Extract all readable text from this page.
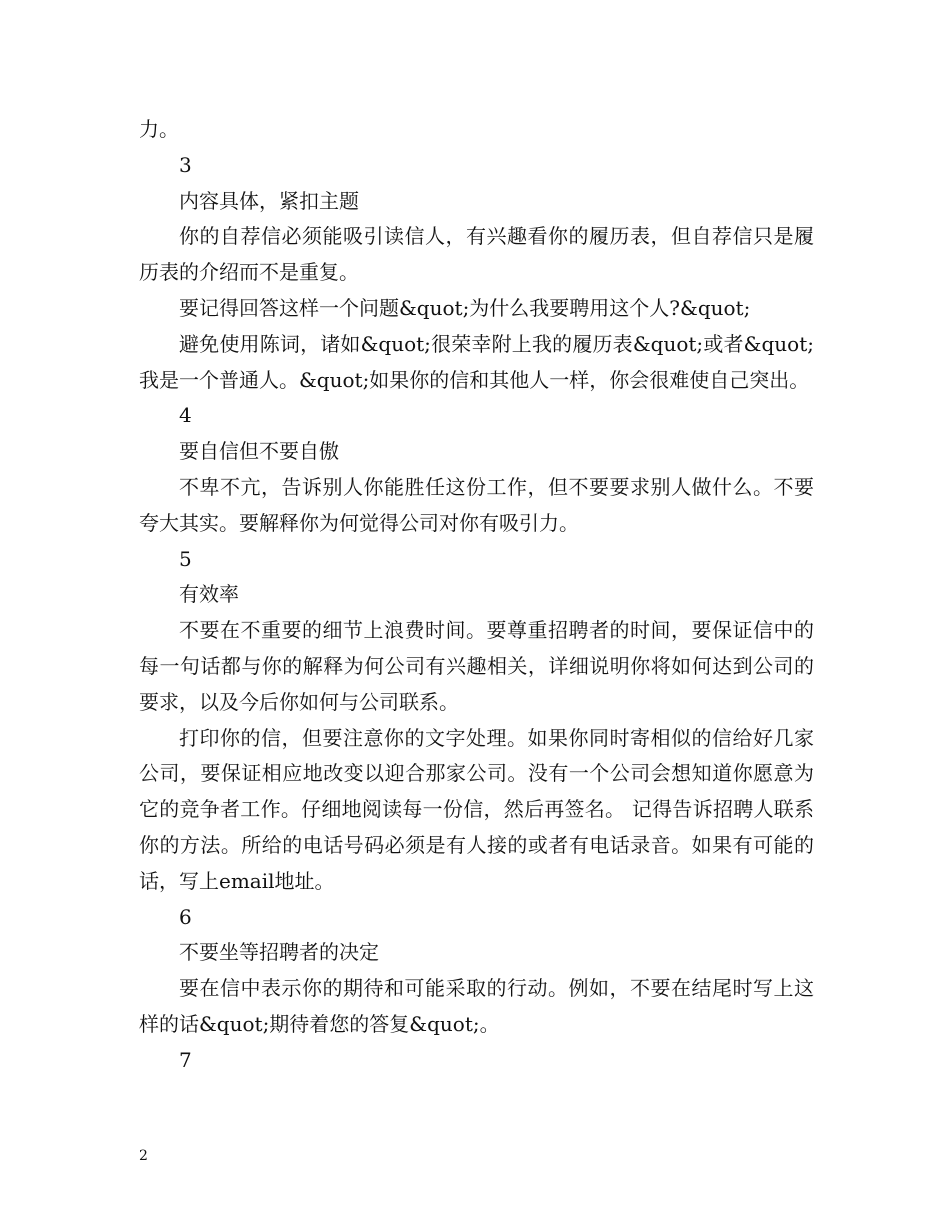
力。

3

内容具体，紧扣主题

你的自荐信必须能吸引读信人，有兴趣看你的履历表，但自荐信只是履历表的介绍而不是重复。

要记得回答这样一个问题&quot;为什么我要聘用这个人?&quot;

避免使用陈词，诸如&quot;很荣幸附上我的履历表&quot;或者&quot;我是一个普通人。&quot;如果你的信和其他人一样，你会很难使自己突出。

4

要自信但不要自傲

不卑不亢，告诉别人你能胜任这份工作，但不要要求别人做什么。不要夸大其实。要解释你为何觉得公司对你有吸引力。

5

有效率

不要在不重要的细节上浪费时间。要尊重招聘者的时间，要保证信中的每一句话都与你的解释为何公司有兴趣相关，详细说明你将如何达到公司的要求，以及今后你如何与公司联系。

打印你的信，但要注意你的文字处理。如果你同时寄相似的信给好几家公司，要保证相应地改变以迎合那家公司。没有一个公司会想知道你愿意为它的竞争者工作。仔细地阅读每一份信，然后再签名。 记得告诉招聘人联系你的方法。所给的电话号码必须是有人接的或者有电话录音。如果有可能的话，写上email地址。

6

不要坐等招聘者的决定

要在信中表示你的期待和可能采取的行动。例如，不要在结尾时写上这样的话&quot;期待着您的答复&quot;。

7

2
